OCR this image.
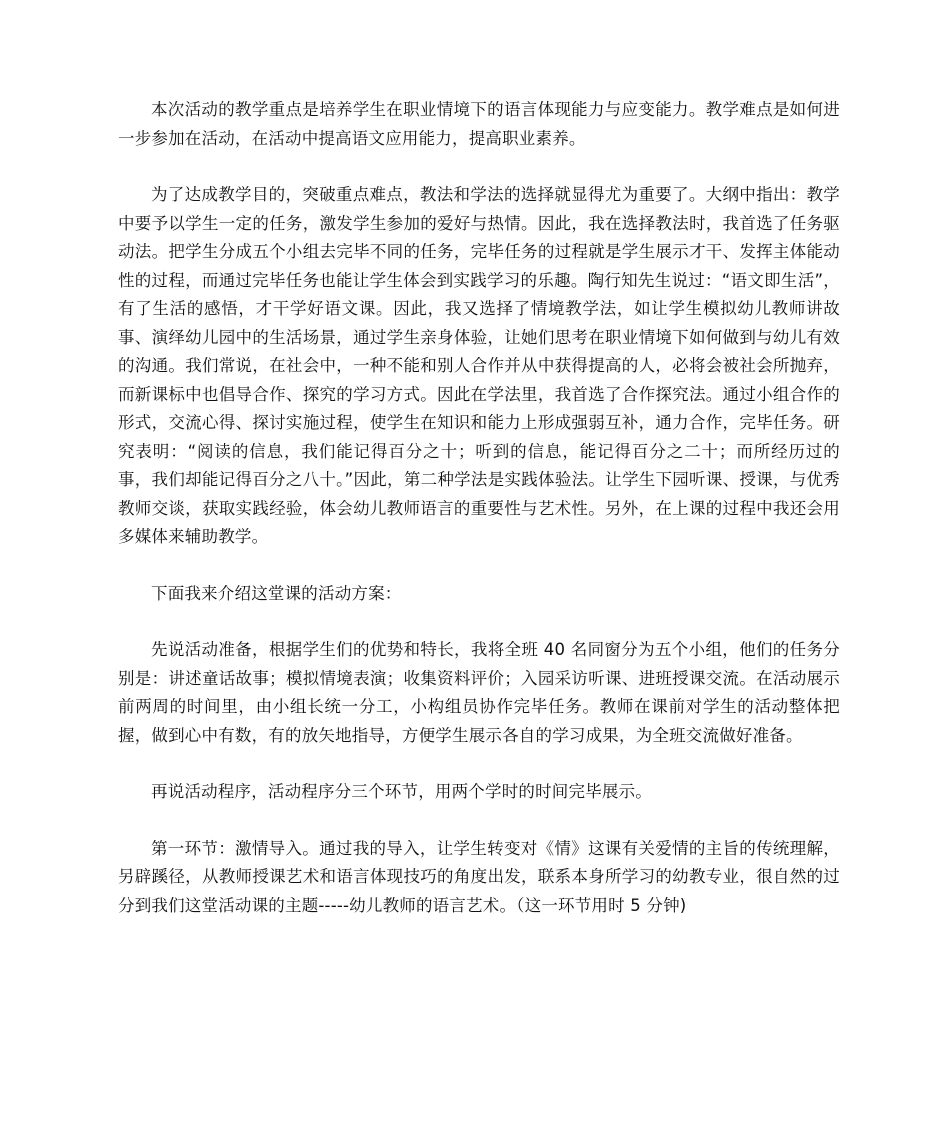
本次活动的教学重点是培养学生在职业情境下的语言体现能力与应变能力。教学难点是如何进一步参加在活动，在活动中提高语文应用能力，提高职业素养。

为了达成教学目的，突破重点难点，教法和学法的选择就显得尤为重要了。大纲中指出：教学中要予以学生一定的任务，激发学生参加的爱好与热情。因此，我在选择教法时，我首选了任务驱动法。把学生分成五个小组去完毕不同的任务，完毕任务的过程就是学生展示才干、发挥主体能动性的过程，而通过完毕任务也能让学生体会到实践学习的乐趣。陶行知先生说过：“语文即生活”，有了生活的感悟，才干学好语文课。因此，我又选择了情境教学法，如让学生模拟幼儿教师讲故事、演绎幼儿园中的生活场景，通过学生亲身体验，让她们思考在职业情境下如何做到与幼儿有效的沟通。我们常说，在社会中，一种不能和别人合作并从中获得提高的人，必将会被社会所抛弃，而新课标中也倡导合作、探究的学习方式。因此在学法里，我首选了合作探究法。通过小组合作的形式，交流心得、探讨实施过程，使学生在知识和能力上形成强弱互补，通力合作，完毕任务。研究表明：“阅读的信息，我们能记得百分之十；听到的信息，能记得百分之二十；而所经历过的事，我们却能记得百分之八十。”因此，第二种学法是实践体验法。让学生下园听课、授课，与优秀教师交谈，获取实践经验，体会幼儿教师语言的重要性与艺术性。另外，在上课的过程中我还会用多媒体来辅助教学。

下面我来介绍这堂课的活动方案：

先说活动准备，根据学生们的优势和特长，我将全班 40 名同窗分为五个小组，他们的任务分别是：讲述童话故事；模拟情境表演；收集资料评价；入园采访听课、进班授课交流。在活动展示前两周的时间里，由小组长统一分工，小构组员协作完毕任务。教师在课前对学生的活动整体把握，做到心中有数，有的放矢地指导，方便学生展示各自的学习成果，为全班交流做好准备。

再说活动程序，活动程序分三个环节，用两个学时的时间完毕展示。

第一环节：激情导入。通过我的导入，让学生转变对《情》这课有关爱情的主旨的传统理解，另辟蹊径，从教师授课艺术和语言体现技巧的角度出发，联系本身所学习的幼教专业，很自然的过分到我们这堂活动课的主题-----幼儿教师的语言艺术。（这一环节用时 5 分钟)
